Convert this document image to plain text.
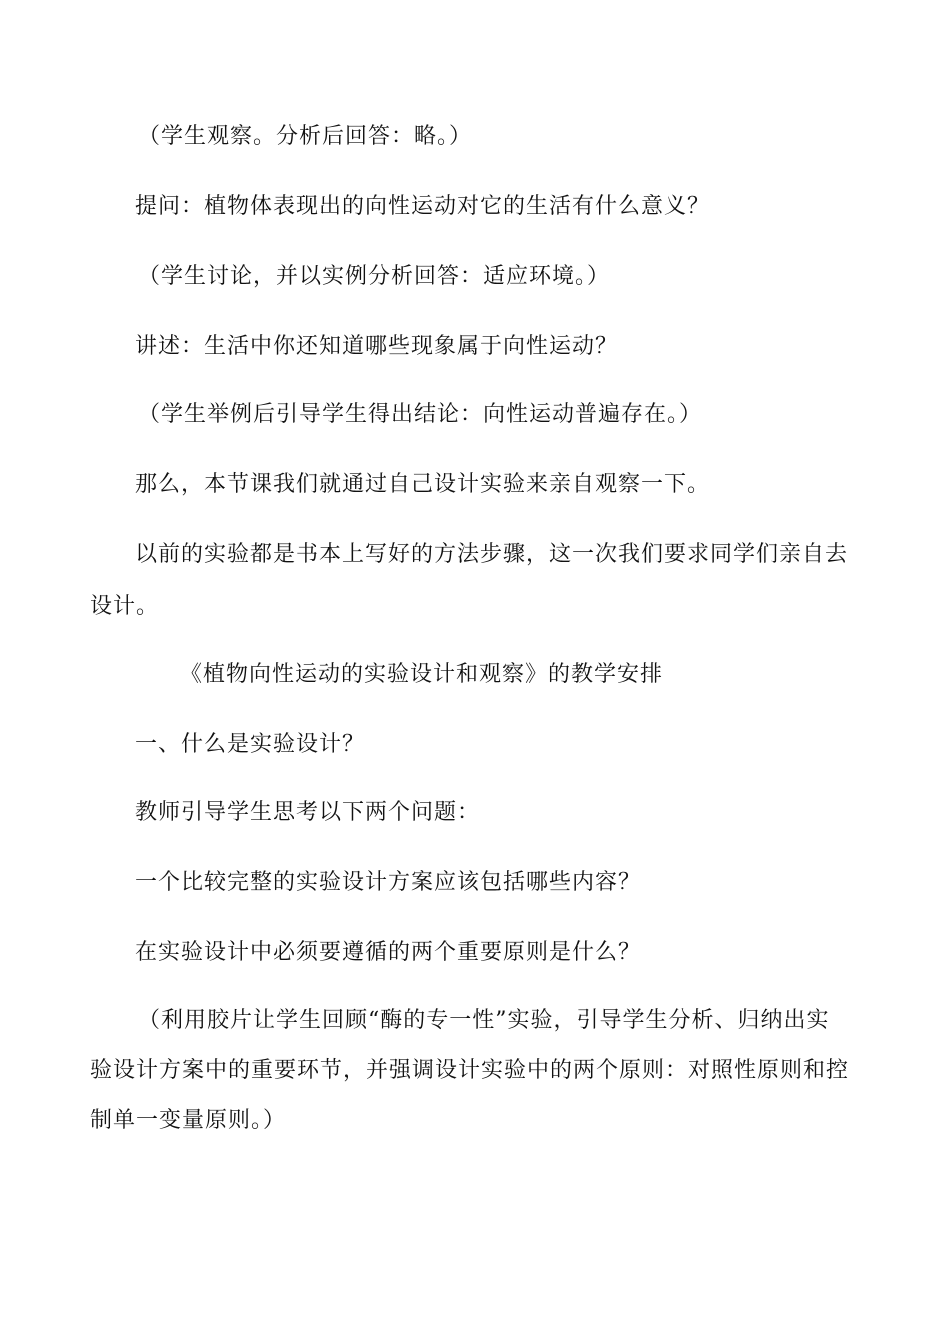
（学生观察。分析后回答：略。）
提问：植物体表现出的向性运动对它的生活有什么意义？
（学生讨论，并以实例分析回答：适应环境。）
讲述：生活中你还知道哪些现象属于向性运动？
（学生举例后引导学生得出结论：向性运动普遍存在。）
那么，本节课我们就通过自己设计实验来亲自观察一下。
以前的实验都是书本上写好的方法步骤，这一次我们要求同学们亲自去
设计。
《植物向性运动的实验设计和观察》的教学安排
一、什么是实验设计？
教师引导学生思考以下两个问题：
一个比较完整的实验设计方案应该包括哪些内容？
在实验设计中必须要遵循的两个重要原则是什么？
（利用胶片让学生回顾“酶的专一性”实验，引导学生分析、归纳出实
验设计方案中的重要环节，并强调设计实验中的两个原则：对照性原则和控
制单一变量原则。）
